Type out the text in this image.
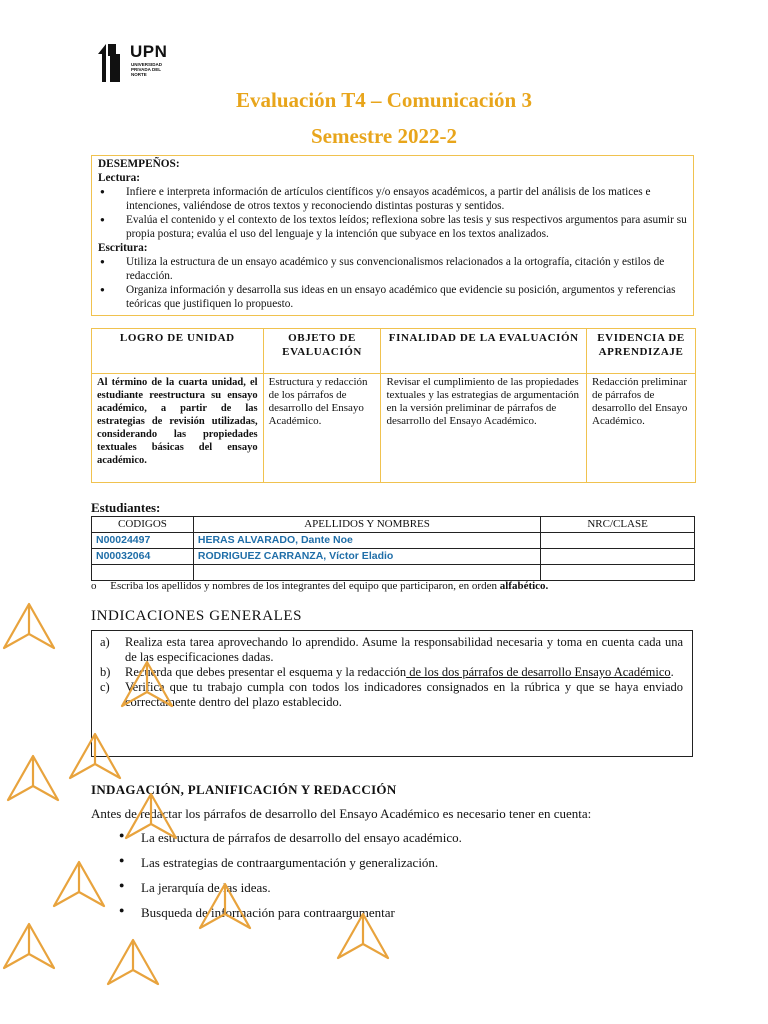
UPN
UNIVERSIDAD PRIVADA DEL NORTE
Evaluación T4 – Comunicación 3
Semestre 2022-2
DESEMPEÑOS:
Lectura:
● Infiere e interpreta información de artículos científicos y/o ensayos académicos, a partir del análisis de los matices e intenciones, valiéndose de otros textos y reconociendo distintas posturas y sentidos.
● Evalúa el contenido y el contexto de los textos leídos; reflexiona sobre las tesis y sus respectivos argumentos para asumir su propia postura; evalúa el uso del lenguaje y la intención que subyace en los textos analizados.
Escritura:
● Utiliza la estructura de un ensayo académico y sus convencionalismos relacionados a la ortografía, citación y estilos de redacción.
● Organiza información y desarrolla sus ideas en un ensayo académico que evidencie su posición, argumentos y referencias teóricas que justifiquen lo propuesto.
LOGRO DE UNIDAD	OBJETO DE EVALUACIÓN	FINALIDAD DE LA EVALUACIÓN	EVIDENCIA DE APRENDIZAJE
Al término de la cuarta unidad, el estudiante reestructura su ensayo académico, a partir de las estrategias de revisión utilizadas, considerando las propiedades textuales básicas del ensayo académico.	Estructura y redacción de los párrafos de desarrollo del Ensayo Académico.	Revisar el cumplimiento de las propiedades textuales y las estrategias de argumentación en la versión preliminar de párrafos de desarrollo del Ensayo Académico.	Redacción preliminar de párrafos de desarrollo del Ensayo Académico.
Estudiantes:
CODIGOS	APELLIDOS Y NOMBRES	NRC/CLASE
N00024497	HERAS ALVARADO, Dante Noe	
N00032064	RODRIGUEZ CARRANZA, Víctor Eladio	

o Escriba los apellidos y nombres de los integrantes del equipo que participaron, en orden alfabético.
INDICACIONES GENERALES
a) Realiza esta tarea aprovechando lo aprendido. Asume la responsabilidad necesaria y toma en cuenta cada una de las especificaciones dadas.
b) Recuerda que debes presentar el esquema y la redacción de los dos párrafos de desarrollo Ensayo Académico.
c) Verifica que tu trabajo cumpla con todos los indicadores consignados en la rúbrica y que se haya enviado correctamente dentro del plazo establecido.
INDAGACIÓN, PLANIFICACIÓN Y REDACCIÓN
Antes de redactar los párrafos de desarrollo del Ensayo Académico es necesario tener en cuenta:
● La estructura de párrafos de desarrollo del ensayo académico.
● Las estrategias de contraargumentación y generalización.
● La jerarquía de las ideas.
● Busqueda de información para contraargumentar
